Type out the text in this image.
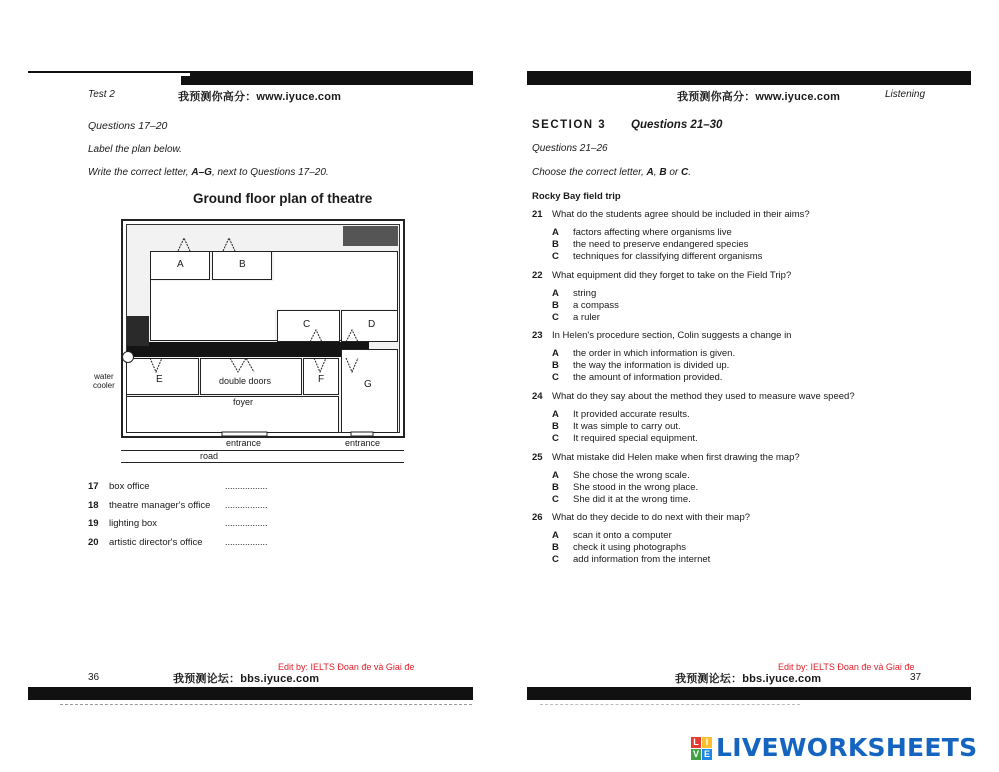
Test 2	我预测你高分：www.iyuce.com
Questions 17–20
Label the plan below.
Write the correct letter, A–G, next to Questions 17–20.
Ground floor plan of theatre
A	B
C	D
E	double doors	F	G
foyer
water
cooler
entrance	entrance
road
17 box office	.................
18 theatre manager's office .................
19 lighting box	.................
20 artistic director's office .................
Edit by: IELTS Đoan đe và Giai đe
36	我预测论坛：bbs.iyuce.com
我预测你高分：www.iyuce.com	Listening
SECTION 3 Questions 21–30
Questions 21–26
Choose the correct letter, A, B or C.
Rocky Bay field trip
21 What do the students agree should be included in their aims?
A factors affecting where organisms live
B the need to preserve endangered species
C techniques for classifying different organisms
22 What equipment did they forget to take on the Field Trip?
A string
B a compass
C a ruler
23 In Helen's procedure section, Colin suggests a change in
A the order in which information is given.
B the way the information is divided up.
C the amount of information provided.
24 What do they say about the method they used to measure wave speed?
A It provided accurate results.
B It was simple to carry out.
C It required special equipment.
25 What mistake did Helen make when first drawing the map?
A She chose the wrong scale.
B She stood in the wrong place.
C She did it at the wrong time.
26 What do they decide to do next with their map?
A scan it onto a computer
B check it using photographs
C add information from the internet
Edit by: IELTS Đoan đe và Giai đe
我预测论坛：bbs.iyuce.com	37
L I
V E LIVEWORKSHEETS
